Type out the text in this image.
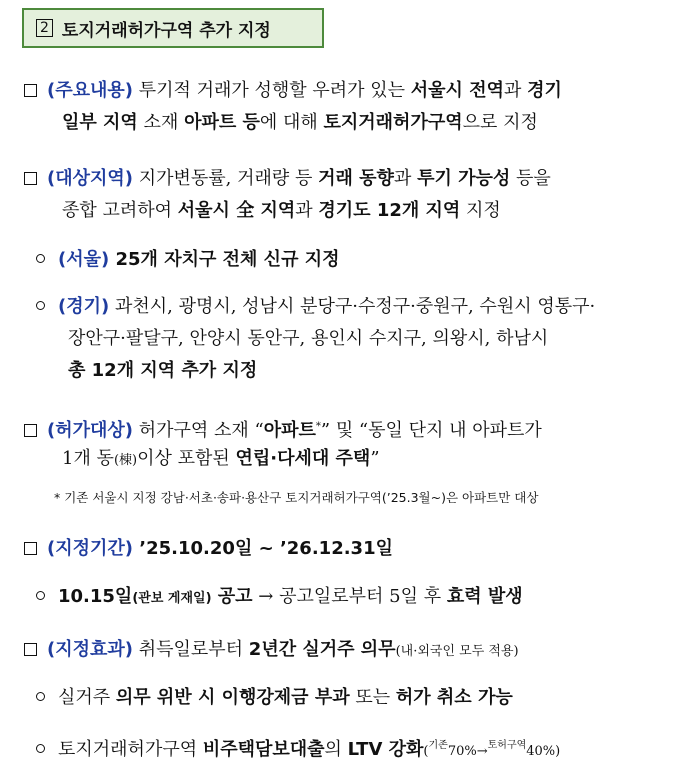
2 토지거래허가구역 추가 지정
(주요내용) 투기적 거래가 성행할 우려가 있는 서울시 전역과 경기
일부 지역 소재 아파트 등에 대해 토지거래허가구역으로 지정
(대상지역) 지가변동률, 거래량 등 거래 동향과 투기 가능성 등을
종합 고려하여 서울시 全 지역과 경기도 12개 지역 지정
(서울) 25개 자치구 전체 신규 지정
(경기) 과천시, 광명시, 성남시 분당구·수정구·중원구, 수원시 영통구·
장안구·팔달구, 안양시 동안구, 용인시 수지구, 의왕시, 하남시
총 12개 지역 추가 지정
(허가대상) 허가구역 소재 “아파트*” 및 “동일 단지 내 아파트가
1개 동(棟)이상 포함된 연립·다세대 주택”
* 기존 서울시 지정 강남·서초·송파·용산구 토지거래허가구역(’25.3월~)은 아파트만 대상
(지정기간) ’25.10.20일 ~ ’26.12.31일
10.15일(관보 게재일) 공고 → 공고일로부터 5일 후 효력 발생
(지정효과) 취득일로부터 2년간 실거주 의무(내·외국인 모두 적용)
실거주 의무 위반 시 이행강제금 부과 또는 허가 취소 가능
토지거래허가구역 비주택담보대출의 LTV 강화($^{기존}$70%→$^{토허구역}$40%)
